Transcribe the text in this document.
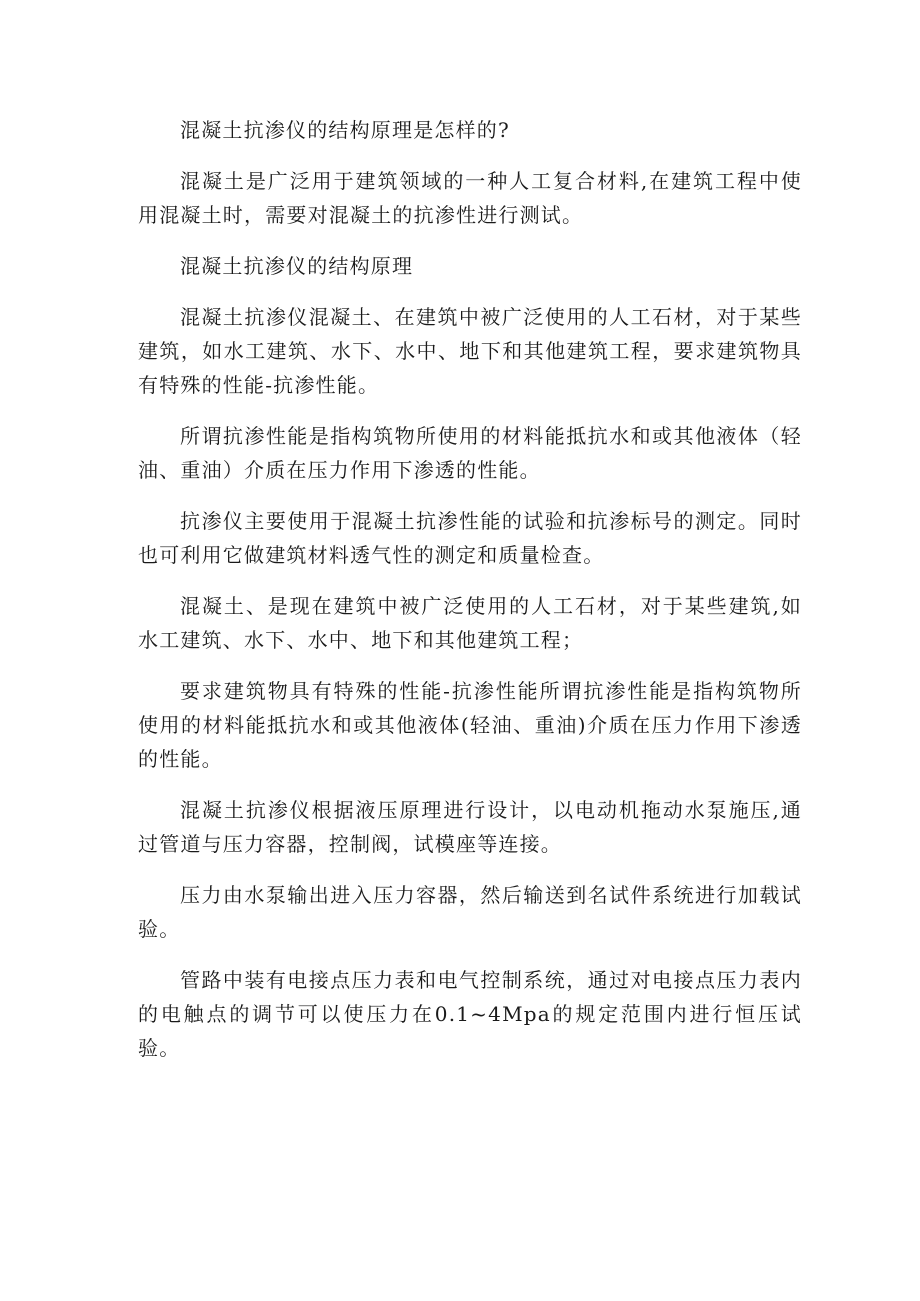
混凝土抗渗仪的结构原理是怎样的?

混凝土是广泛用于建筑领域的一种人工复合材料,在建筑工程中使用混凝土时，需要对混凝土的抗渗性进行测试。

混凝土抗渗仪的结构原理

混凝土抗渗仪混凝土、在建筑中被广泛使用的人工石材，对于某些建筑，如水工建筑、水下、水中、地下和其他建筑工程，要求建筑物具有特殊的性能-抗渗性能。

所谓抗渗性能是指构筑物所使用的材料能抵抗水和或其他液体（轻油、重油）介质在压力作用下渗透的性能。

抗渗仪主要使用于混凝土抗渗性能的试验和抗渗标号的测定。同时也可利用它做建筑材料透气性的测定和质量检查。

混凝土、是现在建筑中被广泛使用的人工石材，对于某些建筑,如水工建筑、水下、水中、地下和其他建筑工程；

要求建筑物具有特殊的性能-抗渗性能所谓抗渗性能是指构筑物所使用的材料能抵抗水和或其他液体(轻油、重油)介质在压力作用下渗透的性能。

混凝土抗渗仪根据液压原理进行设计，以电动机拖动水泵施压,通过管道与压力容器，控制阀，试模座等连接。

压力由水泵输出进入压力容器，然后输送到名试件系统进行加载试验。

管路中装有电接点压力表和电气控制系统，通过对电接点压力表内的电触点的调节可以使压力在0.1~4Mpa的规定范围内进行恒压试验。
